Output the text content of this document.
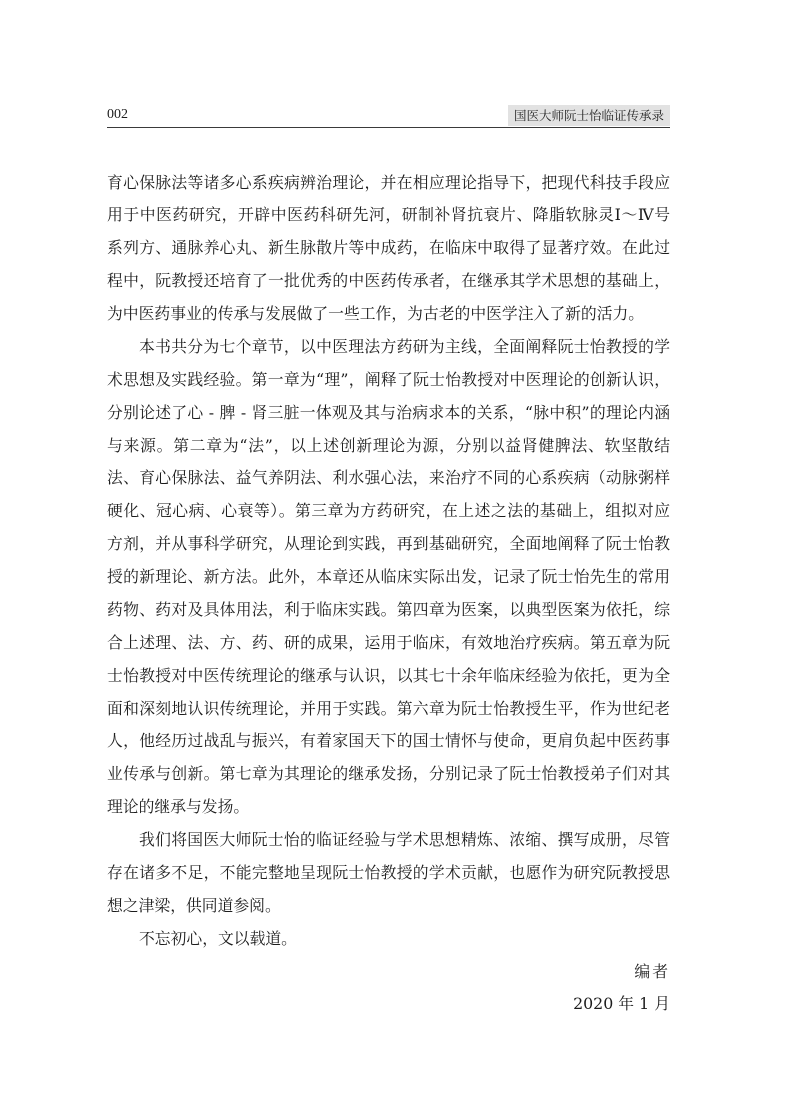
002	国医大师阮士怡临证传承录
育心保脉法等诸多心系疾病辨治理论，并在相应理论指导下，把现代科技手段应
用于中医药研究，开辟中医药科研先河，研制补肾抗衰片、降脂软脉灵Ⅰ～Ⅳ号
系列方、通脉养心丸、新生脉散片等中成药，在临床中取得了显著疗效。在此过
程中，阮教授还培育了一批优秀的中医药传承者，在继承其学术思想的基础上，
为中医药事业的传承与发展做了一些工作，为古老的中医学注入了新的活力。
本书共分为七个章节，以中医理法方药研为主线，全面阐释阮士怡教授的学
术思想及实践经验。第一章为“理”，阐释了阮士怡教授对中医理论的创新认识，
分别论述了心 - 脾 - 肾三脏一体观及其与治病求本的关系，“脉中积”的理论内涵
与来源。第二章为“法”，以上述创新理论为源，分别以益肾健脾法、软坚散结
法、育心保脉法、益气养阴法、利水强心法，来治疗不同的心系疾病（动脉粥样
硬化、冠心病、心衰等）。第三章为方药研究，在上述之法的基础上，组拟对应
方剂，并从事科学研究，从理论到实践，再到基础研究，全面地阐释了阮士怡教
授的新理论、新方法。此外，本章还从临床实际出发，记录了阮士怡先生的常用
药物、药对及具体用法，利于临床实践。第四章为医案，以典型医案为依托，综
合上述理、法、方、药、研的成果，运用于临床，有效地治疗疾病。第五章为阮
士怡教授对中医传统理论的继承与认识，以其七十余年临床经验为依托，更为全
面和深刻地认识传统理论，并用于实践。第六章为阮士怡教授生平，作为世纪老
人，他经历过战乱与振兴，有着家国天下的国士情怀与使命，更肩负起中医药事
业传承与创新。第七章为其理论的继承发扬，分别记录了阮士怡教授弟子们对其
理论的继承与发扬。
我们将国医大师阮士怡的临证经验与学术思想精炼、浓缩、撰写成册，尽管
存在诸多不足，不能完整地呈现阮士怡教授的学术贡献，也愿作为研究阮教授思
想之津梁，供同道参阅。
不忘初心，文以载道。
编者
2020 年 1 月
